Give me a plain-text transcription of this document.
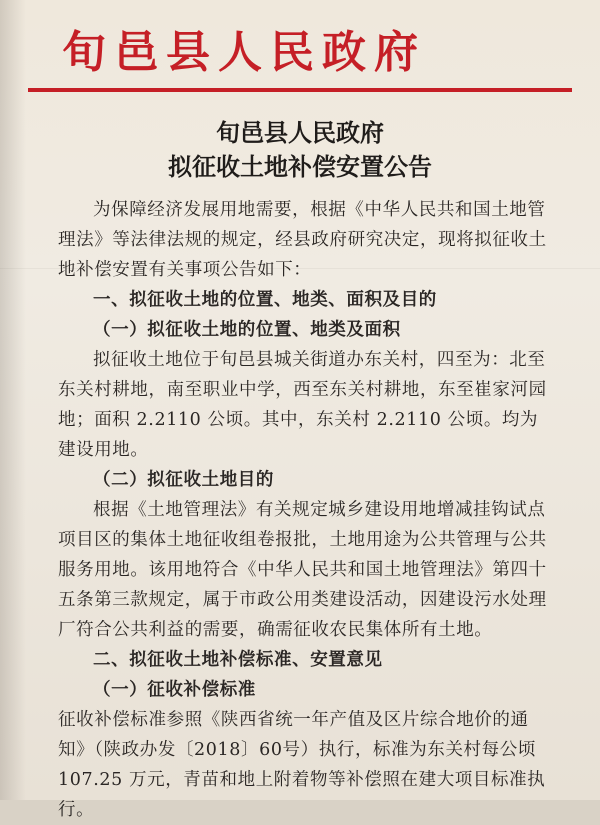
旬邑县人民政府
旬邑县人民政府
拟征收土地补偿安置公告

为保障经济发展用地需要，根据《中华人民共和国土地管理法》等法律法规的规定，经县政府研究决定，现将拟征收土地补偿安置有关事项公告如下：

一、拟征收土地的位置、地类、面积及目的

（一）拟征收土地的位置、地类及面积

拟征收土地位于旬邑县城关街道办东关村，四至为：北至东关村耕地，南至职业中学，西至东关村耕地，东至崔家河园地；面积 2.2110 公顷。其中，东关村 2.2110 公顷。均为建设用地。

（二）拟征收土地目的

根据《土地管理法》有关规定城乡建设用地增减挂钩试点项目区的集体土地征收组卷报批，土地用途为公共管理与公共服务用地。该用地符合《中华人民共和国土地管理法》第四十五条第三款规定，属于市政公用类建设活动，因建设污水处理厂符合公共利益的需要，确需征收农民集体所有土地。

二、拟征收土地补偿标准、安置意见

（一）征收补偿标准

征收补偿标准参照《陕西省统一年产值及区片综合地价的通知》（陕政办发〔2018〕60号）执行，标准为东关村每公顷 107.25 万元，青苗和地上附着物等补偿照在建大项目标准执行。
